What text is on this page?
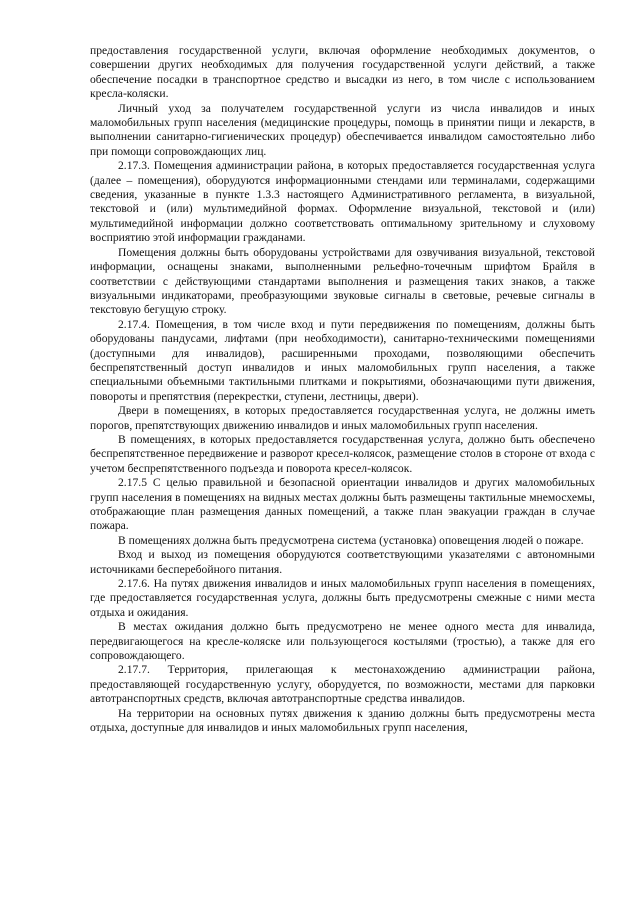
предоставления государственной услуги, включая оформление необходимых документов, о совершении других необходимых для получения государственной услуги действий, а также обеспечение посадки в транспортное средство и высадки из него, в том числе с использованием кресла-коляски.

Личный уход за получателем государственной услуги из числа инвалидов и иных маломобильных групп населения (медицинские процедуры, помощь в принятии пищи и лекарств, в выполнении санитарно-гигиенических процедур) обеспечивается инвалидом самостоятельно либо при помощи сопровождающих лиц.

2.17.3. Помещения администрации района, в которых предоставляется государственная услуга (далее – помещения), оборудуются информационными стендами или терминалами, содержащими сведения, указанные в пункте 1.3.3 настоящего Административного регламента, в визуальной, текстовой и (или) мультимедийной формах. Оформление визуальной, текстовой и (или) мультимедийной информации должно соответствовать оптимальному зрительному и слуховому восприятию этой информации гражданами.

Помещения должны быть оборудованы устройствами для озвучивания визуальной, текстовой информации, оснащены знаками, выполненными рельефно-точечным шрифтом Брайля в соответствии с действующими стандартами выполнения и размещения таких знаков, а также визуальными индикаторами, преобразующими звуковые сигналы в световые, речевые сигналы в текстовую бегущую строку.

2.17.4. Помещения, в том числе вход и пути передвижения по помещениям, должны быть оборудованы пандусами, лифтами (при необходимости), санитарно-техническими помещениями (доступными для инвалидов), расширенными проходами, позволяющими обеспечить беспрепятственный доступ инвалидов и иных маломобильных групп населения, а также специальными объемными тактильными плитками и покрытиями, обозначающими пути движения, повороты и препятствия (перекрестки, ступени, лестницы, двери).

Двери в помещениях, в которых предоставляется государственная услуга, не должны иметь порогов, препятствующих движению инвалидов и иных маломобильных групп населения.

В помещениях, в которых предоставляется государственная услуга, должно быть обеспечено беспрепятственное передвижение и разворот кресел-колясок, размещение столов в стороне от входа с учетом беспрепятственного подъезда и поворота кресел-колясок.

2.17.5 С целью правильной и безопасной ориентации инвалидов и других маломобильных групп населения в помещениях на видных местах должны быть размещены тактильные мнемосхемы, отображающие план размещения данных помещений, а также план эвакуации граждан в случае пожара.

В помещениях должна быть предусмотрена система (установка) оповещения людей о пожаре.

Вход и выход из помещения оборудуются соответствующими указателями с автономными источниками бесперебойного питания.

2.17.6. На путях движения инвалидов и иных маломобильных групп населения в помещениях, где предоставляется государственная услуга, должны быть предусмотрены смежные с ними места отдыха и ожидания.

В местах ожидания должно быть предусмотрено не менее одного места для инвалида, передвигающегося на кресле-коляске или пользующегося костылями (тростью), а также для его сопровождающего.

2.17.7. Территория, прилегающая к местонахождению администрации района, предоставляющей государственную услугу, оборудуется, по возможности, местами для парковки автотранспортных средств, включая автотранспортные средства инвалидов.

На территории на основных путях движения к зданию должны быть предусмотрены места отдыха, доступные для инвалидов и иных маломобильных групп населения,
